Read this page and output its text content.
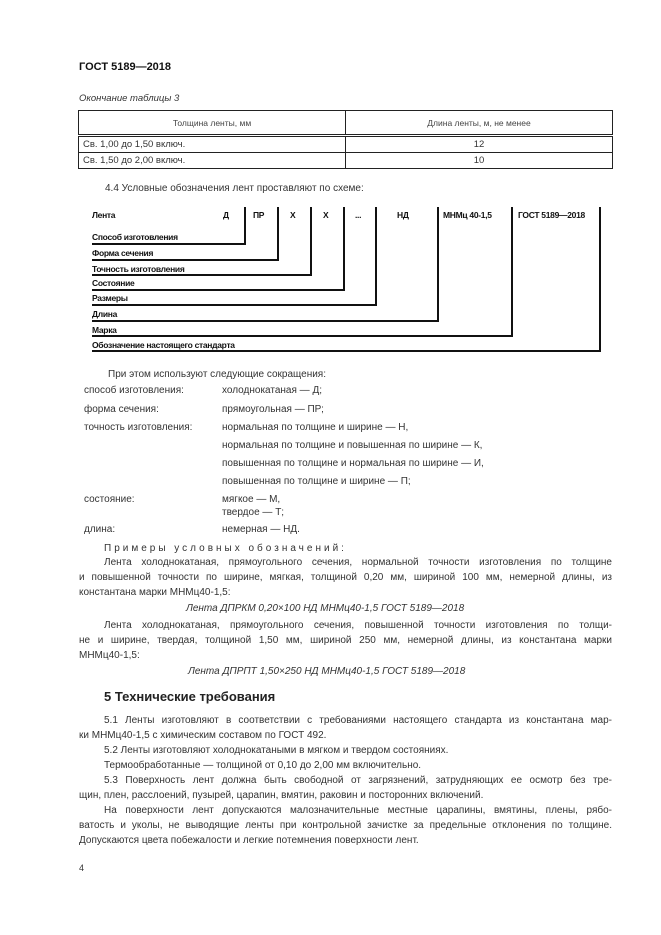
ГОСТ 5189—2018
Окончание таблицы 3
Толщина ленты, мм	Длина ленты, м, не менее
Св. 1,00 до 1,50 включ.	12
Св. 1,50 до 2,00 включ.	10
4.4 Условные обозначения лент проставляют по схеме:
Лента	Д	ПР	Х	Х	...	НД	МНМц 40-1,5	ГОСТ 5189—2018
Способ изготовления
Форма сечения
Точность изготовления
Состояние
Размеры
Длина
Марка
Обозначение настоящего стандарта
При этом используют следующие сокращения:
способ изготовления:	холоднокатаная — Д;
форма сечения:	прямоугольная — ПР;
точность изготовления:	нормальная по толщине и ширине — Н,
нормальная по толщине и повышенная по ширине — К,
повышенная по толщине и нормальная по ширине — И,
повышенная по толщине и ширине — П;
состояние:	мягкое — М,
твердое — Т;
длина:	немерная — НД.
Примеры условных обозначений:
Лента холоднокатаная, прямоугольного сечения, нормальной точности изготовления по толщине
и повышенной точности по ширине, мягкая, толщиной 0,20 мм, шириной 100 мм, немерной длины, из
константана марки МНМц40-1,5:
Лента ДПРКМ 0,20×100 НД МНМц40-1,5 ГОСТ 5189—2018
Лента холоднокатаная, прямоугольного сечения, повышенной точности изготовления по толщи-
не и ширине, твердая, толщиной 1,50 мм, шириной 250 мм, немерной длины, из константана марки
МНМц40-1,5:
Лента ДПРПТ 1,50×250 НД МНМц40-1,5 ГОСТ 5189—2018
5 Технические требования
5.1 Ленты изготовляют в соответствии с требованиями настоящего стандарта из константана мар-
ки МНМц40-1,5 с химическим составом по ГОСТ 492.
5.2 Ленты изготовляют холоднокатаными в мягком и твердом состояниях.
Термообработанные — толщиной от 0,10 до 2,00 мм включительно.
5.3 Поверхность лент должна быть свободной от загрязнений, затрудняющих ее осмотр без тре-
щин, плен, расслоений, пузырей, царапин, вмятин, раковин и посторонних включений.
На поверхности лент допускаются малозначительные местные царапины, вмятины, плены, рябо-
ватость и уколы, не выводящие ленты при контрольной зачистке за предельные отклонения по толщине.
Допускаются цвета побежалости и легкие потемнения поверхности лент.
4
